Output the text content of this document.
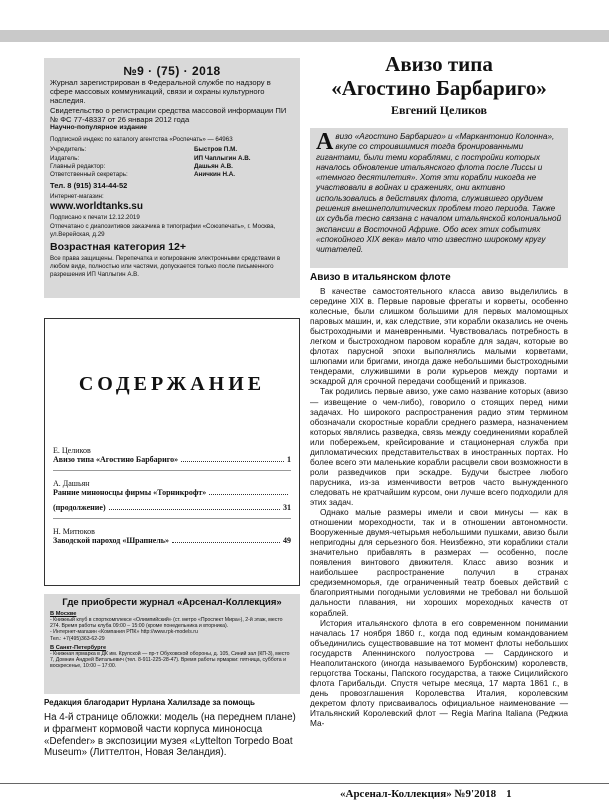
№9 · (75) · 2018
Журнал зарегистрирован в Федеральной службе по надзору в сфере массовых коммуникаций, связи и охраны культурного наследия.
Свидетельство о регистрации средства массовой информации ПИ № ФС 77-48337 от 26 января 2012 года
Научно-популярное издание
Подписной индекс по каталогу агентства «Роспечать» — 64963
Учредитель:	Быстров П.М.
Издатель:	ИП Чаплыгин А.В.
Главный редактор:	Дашьян А.В.
Ответственный секретарь:	Аничкин Н.А.
Тел. 8 (915) 314-44-52
Интернет-магазин:
www.worldtanks.su
Подписано к печати 12.12.2019
Отпечатано с диапозитивов заказчика в типографии «Союзпечать», г. Москва, ул.Верейская, д.29
Возрастная категория 12+
Все права защищены. Перепечатка и копирование электронными средствами в любом виде, полностью или частями, допускается только после письменного разрешения ИП Чаплыгин А.В.
СОДЕРЖАНИЕ
Е. Целиков
Авизо типа «Агостино Барбариго»	1
А. Дашьян
Ранние миноносцы фирмы «Торникрофт»
(продолжение)	31
Н. Митюков
Заводской пароход «Шрапнель»	49
Где приобрести журнал «Арсенал-Коллекция»
В Москве
- Книжный клуб в спорткомплексе «Олимпийский» (ст. метро «Проспект Мира»), 2-й этаж, место 274. Время работы клуба 09:00 – 15:00 (кроме понедельника и вторника).
- Интернет-магазин «Компания РПК» http://www.rpk-models.ru
Тел.: +7(495)363-62-29
В Санкт-Петербурге
- Книжная ярмарка в ДК им. Крупской — пр-т Обуховской обороны, д. 105, Синий зал (КП-3), место 7, Домнин Андрей Витальевич (тел. 8-911-225-28-47). Время работы ярмарки: пятница, суббота и воскресенье, 10:00 – 17:00.
Редакция благодарит Нурлана Халилзаде за помощь
На 4-й странице обложки: модель (на переднем плане) и фрагмент кормовой части корпуса миноносца «Defender» в экспозиции музея «Lyttelton Torpedo Boat Museum» (Литтелтон, Новая Зеландия).
Авизо типа
«Агостино Барбариго»
Евгений Целиков
А визо «Агостино Барбариго» и «Маркантонио Колонна», вкупе со строившимися тогда бронированными гигантами, были теми кораблями, с постройки которых началось обновление итальянского флота после Лиссы и «темного десятилетия». Хотя эти корабли никогда не участвовали в войнах и сражениях, они активно использовались в действиях флота, служившего орудием решения внешнеполитических проблем того периода. Также их судьба тесно связана с началом итальянской колониальной экспансии в Восточной Африке. Обо всех этих событиях «спокойного XIX века» мало что известно широкому кругу читателей.
Авизо в итальянском флоте

В качестве самостоятельного класса авизо выделились в середине XIX в. Первые паровые фрегаты и корветы, особенно колесные, были слишком большими для первых маломощных паровых машин, и, как следствие, эти корабли оказались не очень быстроходными и маневренными. Чувствовалась потребность в легком и быстроходном паровом корабле для задач, которые во флотах парусной эпохи выполнялись малыми корветами, шлюпами или бригами, иногда даже небольшими быстроходными тендерами, служившими в роли курьеров между портами и эскадрой для срочной передачи сообщений и приказов.

Так родились первые авизо, уже само название которых (авизо — извещение о чем-либо), говорило о стоящих перед ними задачах. Но широкого распространения радио этим термином обозначали скоростные корабли среднего размера, назначением которых являлись разведка, связь между соединениями кораблей или побережьем, крейсирование и стационерная служба при дипломатических представительствах в иностранных портах. Но более всего эти маленькие корабли расцвели свои возможности в роли разведчиков при эскадре. Будучи быстрее любого парусника, из-за изменчивости ветров часто вынужденного следовать не кратчайшим курсом, они лучше всего подходили для этих задач.

Однако малые размеры имели и свои минусы — как в отношении мореходности, так и в отношении автономности. Вооруженные двумя-четырьмя небольшими пушками, авизо были непригодны для серьезного боя. Неизбежно, эти кораблики стали значительно прибавлять в размерах — особенно, после появления винтового движителя. Класс авизо возник и наибольшее распространение получил в странах средиземноморья, где ограниченный театр боевых действий с благоприятными погодными условиями не требовал ни большой дальности плавания, ни хороших мореходных качеств от кораблей.

История итальянского флота в его современном понимании началась 17 ноября 1860 г., когда под единым командованием объединились существовавшие на тот момент флоты небольших государств Апеннинского полуострова — Сардинского и Неаполитанского (иногда называемого Бурбонским) королевств, герцогства Тосканы, Папского государства, а также Сицилийского флота Гарибальди. Спустя четыре месяца, 17 марта 1861 г., в день провозглашения Королевства Италия, королевским декретом флоту присваивалось официальное наименование — Итальянский Королевский флот — Regia Marina Italiana (Реджиа Ма-

«Арсенал-Коллекция» №9'2018 1
